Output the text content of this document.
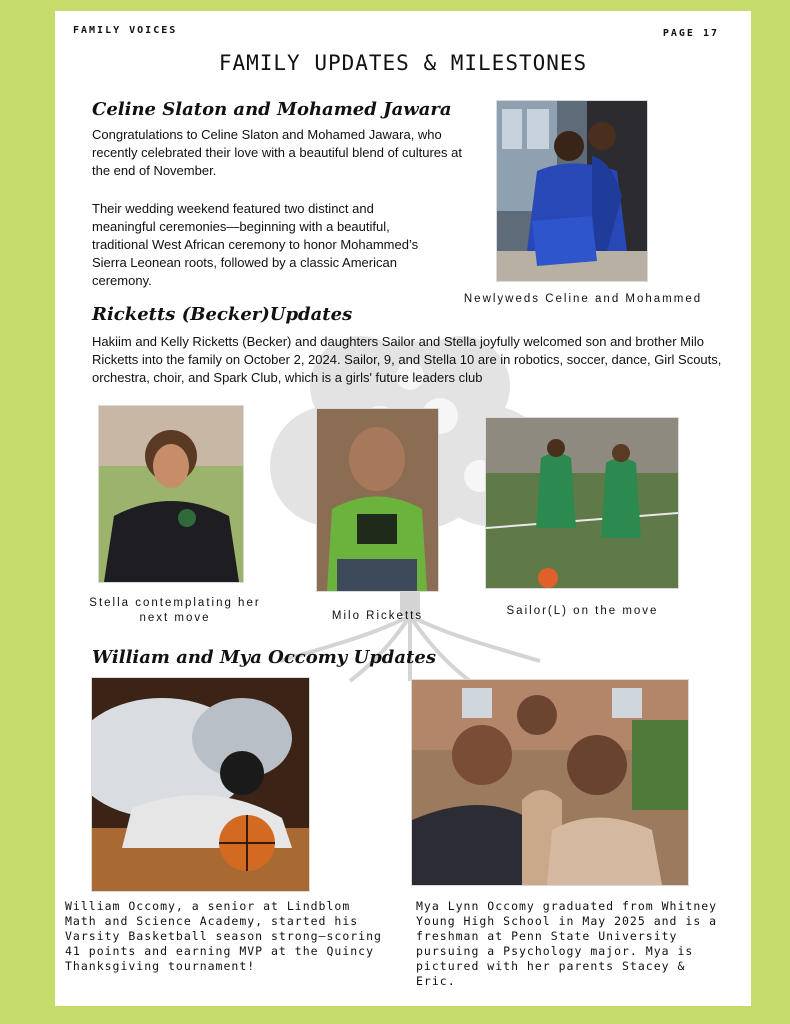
FAMILY VOICES	PAGE 17
FAMILY UPDATES & MILESTONES
Celine Slaton and Mohamed Jawara
Congratulations to Celine Slaton and Mohamed Jawara, who recently celebrated their love with a beautiful blend of cultures at the end of November.
Their wedding weekend featured two distinct and meaningful ceremonies—beginning with a beautiful, traditional West African ceremony to honor Mohammed’s Sierra Leonean roots, followed by a classic American ceremony.
Newlyweds Celine and Mohammed
Ricketts (Becker)Updates
Hakiim and Kelly Ricketts (Becker) and daughters Sailor and Stella joyfully welcomed son and brother Milo Ricketts into the family on October 2, 2024. Sailor, 9, and Stella 10 are in robotics, soccer, dance, Girl Scouts, orchestra, choir, and Spark Club, which is a girls' future leaders club
Stella contemplating her next move	Milo Ricketts	Sailor(L) on the move
William and Mya Occomy Updates
William Occomy, a senior at Lindblom Math and Science Academy, started his Varsity Basketball season strong—scoring 41 points and earning MVP at the Quincy Thanksgiving tournament!
Mya Lynn Occomy graduated from Whitney Young High School in May 2025 and is a freshman at Penn State University pursuing a Psychology major. Mya is pictured with her parents Stacey & Eric.
